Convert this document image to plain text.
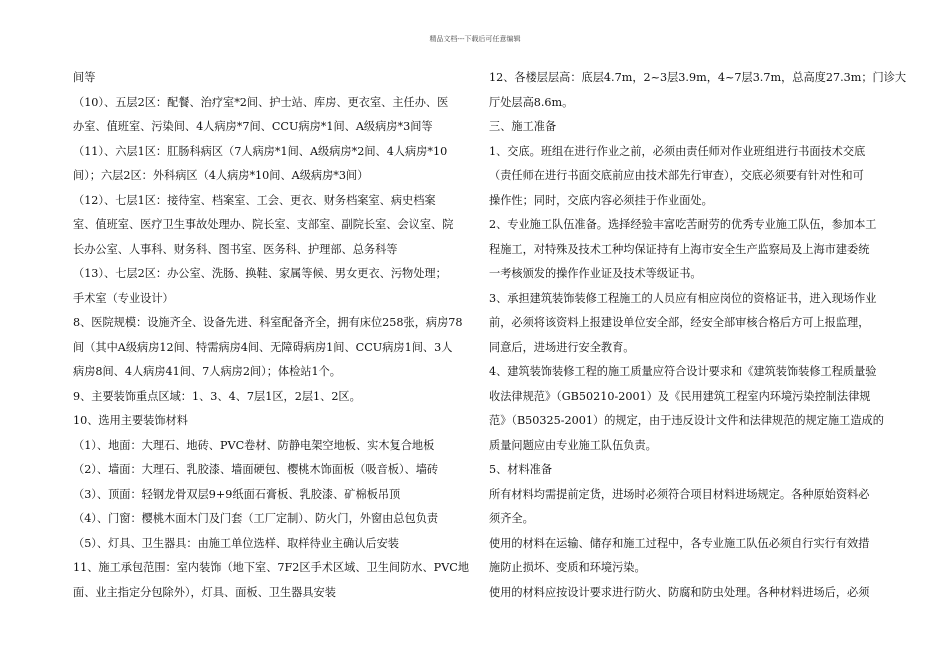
精品文档---下载后可任意编辑
间等
（10）、五层2区：配餐、治疗室*2间、护士站、库房、更衣室、主任办、医
办室、值班室、污染间、4人病房*7间、CCU病房*1间、A级病房*3间等
（11）、六层1区：肛肠科病区（7人病房*1间、A级病房*2间、4人病房*10
间）；六层2区：外科病区（4人病房*10间、A级病房*3间）
（12）、七层1区：接待室、档案室、工会、更衣、财务档案室、病史档案
室、值班室、医疗卫生事故处理办、院长室、支部室、副院长室、会议室、院
长办公室、人事科、财务科、图书室、医务科、护理部、总务科等
（13）、七层2区：办公室、洗肠、换鞋、家属等候、男女更衣、污物处理；
手术室（专业设计）
8、医院规模：设施齐全、设备先进、科室配备齐全，拥有床位258张，病房78
间（其中A级病房12间、特需病房4间、无障碍病房1间、CCU病房1间、3人
病房8间、4人病房41间、7人病房2间）；体检站1个。
9、主要装饰重点区域：1、3、4、7层1区，2层1、2区。
10、选用主要装饰材料
（1）、地面：大理石、地砖、PVC卷材、防静电架空地板、实木复合地板
（2）、墙面：大理石、乳胶漆、墙面硬包、樱桃木饰面板（吸音板）、墙砖
（3）、顶面：轻钢龙骨双层9+9纸面石膏板、乳胶漆、矿棉板吊顶
（4）、门窗：樱桃木面木门及门套（工厂定制）、防火门，外窗由总包负责
（5）、灯具、卫生器具：由施工单位选样、取样待业主确认后安装
11、施工承包范围：室内装饰（地下室、7F2区手术区域、卫生间防水、PVC地
面、业主指定分包除外），灯具、面板、卫生器具安装
12、各楼层层高：底层4.7m，2~3层3.9m，4~7层3.7m，总高度27.3m；门诊大
厅处层高8.6m。
三、施工准备
1、交底。班组在进行作业之前，必须由责任师对作业班组进行书面技术交底
（责任师在进行书面交底前应由技术部先行审查），交底必须要有针对性和可
操作性；同时，交底内容必须挂于作业面处。
2、专业施工队伍准备。选择经验丰富吃苦耐劳的优秀专业施工队伍，参加本工
程施工，对特殊及技术工种均保证持有上海市安全生产监察局及上海市建委统
一考核颁发的操作作业证及技术等级证书。
3、承担建筑装饰装修工程施工的人员应有相应岗位的资格证书，进入现场作业
前，必须将该资料上报建设单位安全部，经安全部审核合格后方可上报监理，
同意后，进场进行安全教育。
4、建筑装饰装修工程的施工质量应符合设计要求和《建筑装饰装修工程质量验
收法律规范》（GB50210-2001）及《民用建筑工程室内环境污染控制法律规
范》（B50325-2001）的规定，由于违反设计文件和法律规范的规定施工造成的
质量问题应由专业施工队伍负责。
5、材料准备
所有材料均需提前定货，进场时必须符合项目材料进场规定。各种原始资料必
须齐全。
使用的材料在运输、储存和施工过程中，各专业施工队伍必须自行实行有效措
施防止损坏、变质和环境污染。
使用的材料应按设计要求进行防火、防腐和防虫处理。各种材料进场后，必须
